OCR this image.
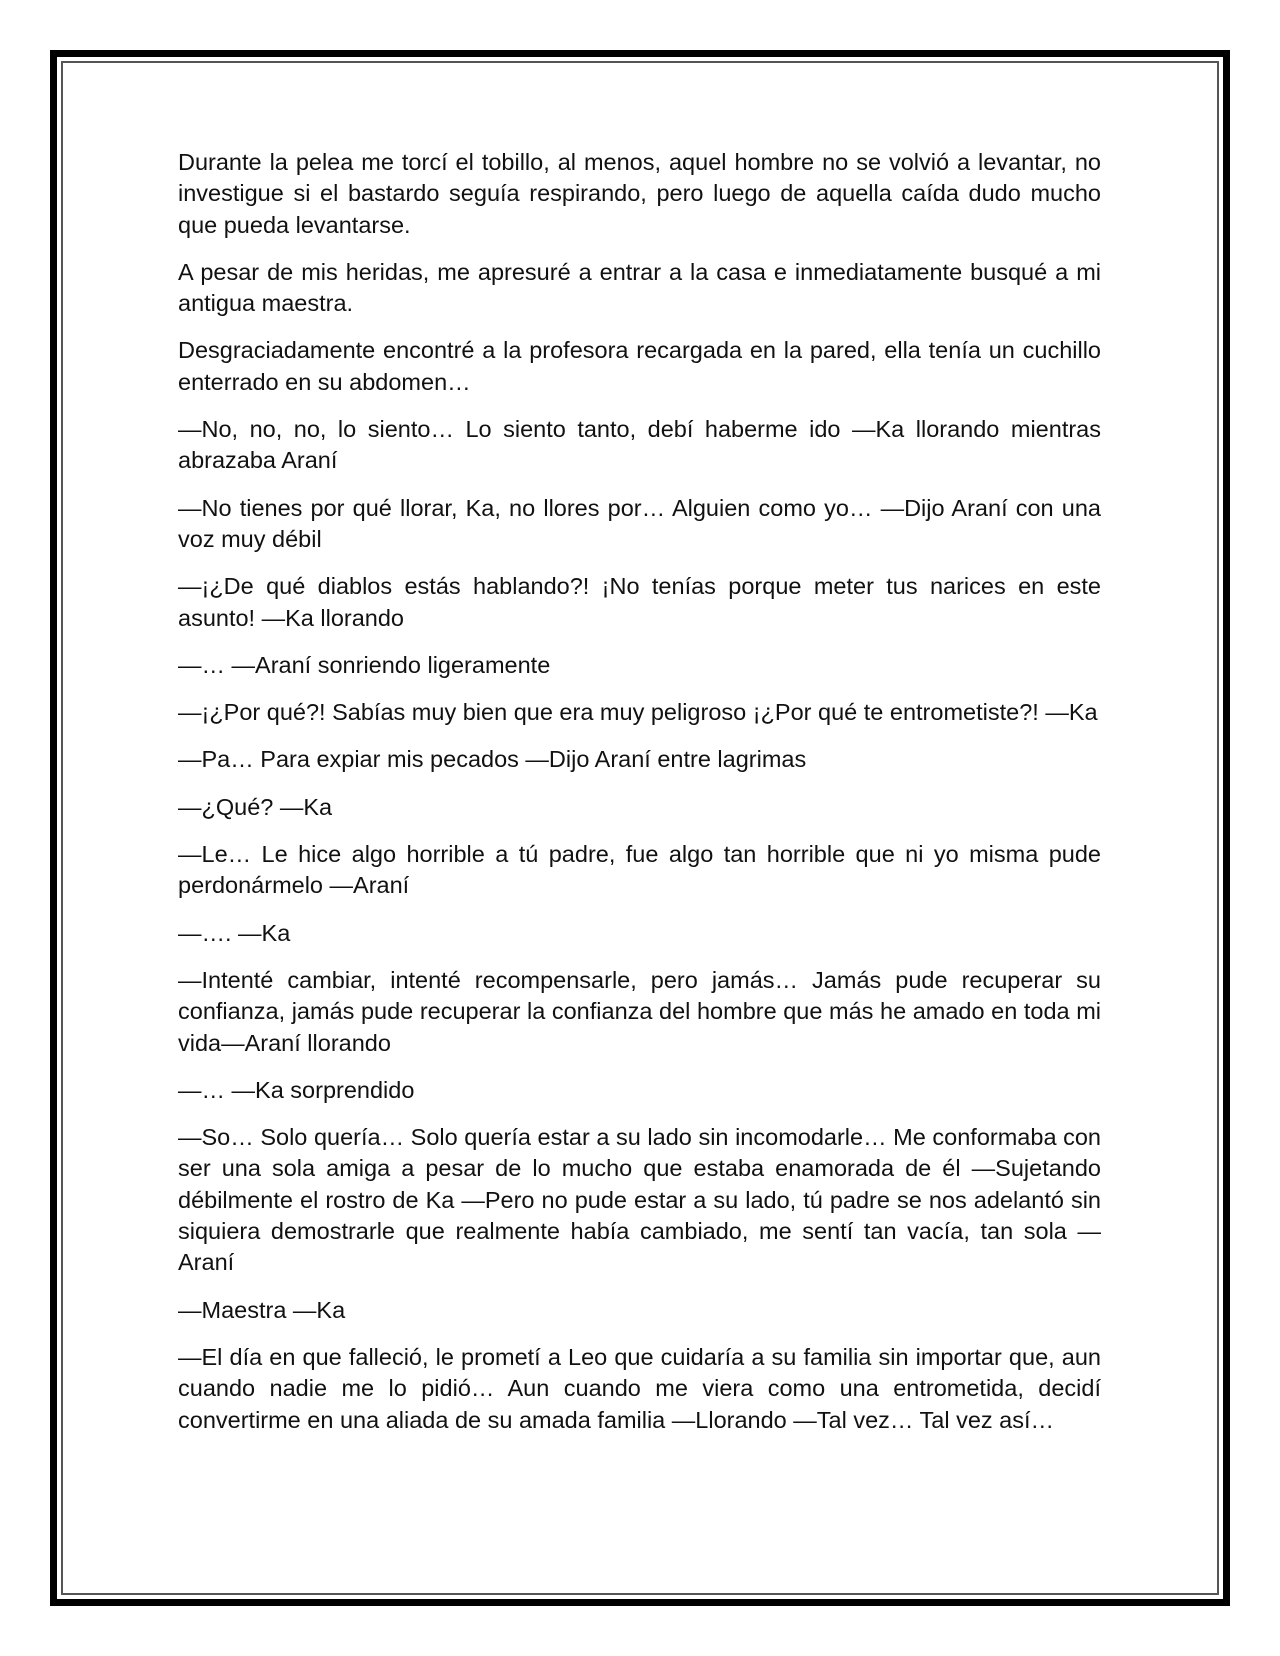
Durante la pelea me torcí el tobillo, al menos, aquel hombre no se volvió a levantar, no investigue si el bastardo seguía respirando, pero luego de aquella caída dudo mucho que pueda levantarse.

A pesar de mis heridas, me apresuré a entrar a la casa e inmediatamente busqué a mi antigua maestra.

Desgraciadamente encontré a la profesora recargada en la pared, ella tenía un cuchillo enterrado en su abdomen…

—No, no, no, lo siento… Lo siento tanto, debí haberme ido —Ka llorando mientras abrazaba Araní

—No tienes por qué llorar, Ka, no llores por… Alguien como yo… —Dijo Araní con una voz muy débil

—¡¿De qué diablos estás hablando?! ¡No tenías porque meter tus narices en este asunto! —Ka llorando

—… —Araní sonriendo ligeramente

—¡¿Por qué?! Sabías muy bien que era muy peligroso ¡¿Por qué te entrometiste?! —Ka

—Pa… Para expiar mis pecados —Dijo Araní entre lagrimas

—¿Qué? —Ka

—Le… Le hice algo horrible a tú padre, fue algo tan horrible que ni yo misma pude perdonármelo —Araní

—…. —Ka

—Intenté cambiar, intenté recompensarle, pero jamás… Jamás pude recuperar su confianza, jamás pude recuperar la confianza del hombre que más he amado en toda mi vida—Araní llorando

—… —Ka sorprendido

—So… Solo quería… Solo quería estar a su lado sin incomodarle… Me conformaba con ser una sola amiga a pesar de lo mucho que estaba enamorada de él —Sujetando débilmente el rostro de Ka —Pero no pude estar a su lado, tú padre se nos adelantó sin siquiera demostrarle que realmente había cambiado, me sentí tan vacía, tan sola —Araní

—Maestra —Ka

—El día en que falleció, le prometí a Leo que cuidaría a su familia sin importar que, aun cuando nadie me lo pidió… Aun cuando me viera como una entrometida, decidí convertirme en una aliada de su amada familia —Llorando —Tal vez… Tal vez así…
